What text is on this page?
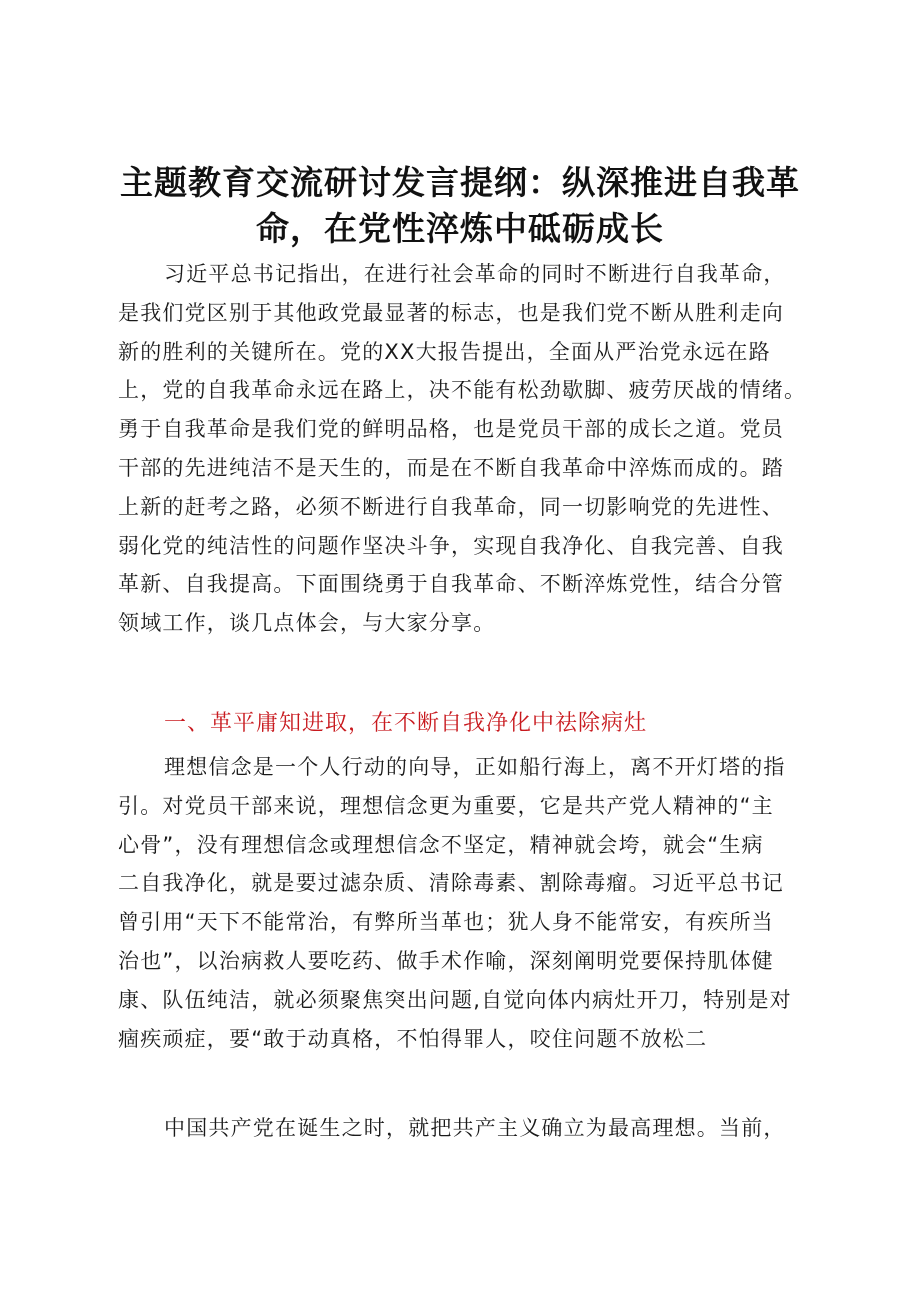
主题教育交流研讨发言提纲：纵深推进自我革
命，在党性淬炼中砥砺成长
习近平总书记指出，在进行社会革命的同时不断进行自我革命，
是我们党区别于其他政党最显著的标志，也是我们党不断从胜利走向
新的胜利的关键所在。党的XX大报告提出，全面从严治党永远在路
上，党的自我革命永远在路上，决不能有松劲歇脚、疲劳厌战的情绪。
勇于自我革命是我们党的鲜明品格，也是党员干部的成长之道。党员
干部的先进纯洁不是天生的，而是在不断自我革命中淬炼而成的。踏
上新的赶考之路，必须不断进行自我革命，同一切影响党的先进性、
弱化党的纯洁性的问题作坚决斗争，实现自我净化、自我完善、自我
革新、自我提高。下面围绕勇于自我革命、不断淬炼党性，结合分管
领域工作，谈几点体会，与大家分享。
一、革平庸知进取，在不断自我净化中祛除病灶
理想信念是一个人行动的向导，正如船行海上，离不开灯塔的指
引。对党员干部来说，理想信念更为重要，它是共产党人精神的“主
心骨”，没有理想信念或理想信念不坚定，精神就会垮，就会“生病
二自我净化，就是要过滤杂质、清除毒素、割除毒瘤。习近平总书记
曾引用“天下不能常治，有弊所当革也；犹人身不能常安，有疾所当
治也”，以治病救人要吃药、做手术作喻，深刻阐明党要保持肌体健
康、队伍纯洁，就必须聚焦突出问题,自觉向体内病灶开刀，特别是对
痼疾顽症，要“敢于动真格，不怕得罪人，咬住问题不放松二
中国共产党在诞生之时，就把共产主义确立为最高理想。当前，
